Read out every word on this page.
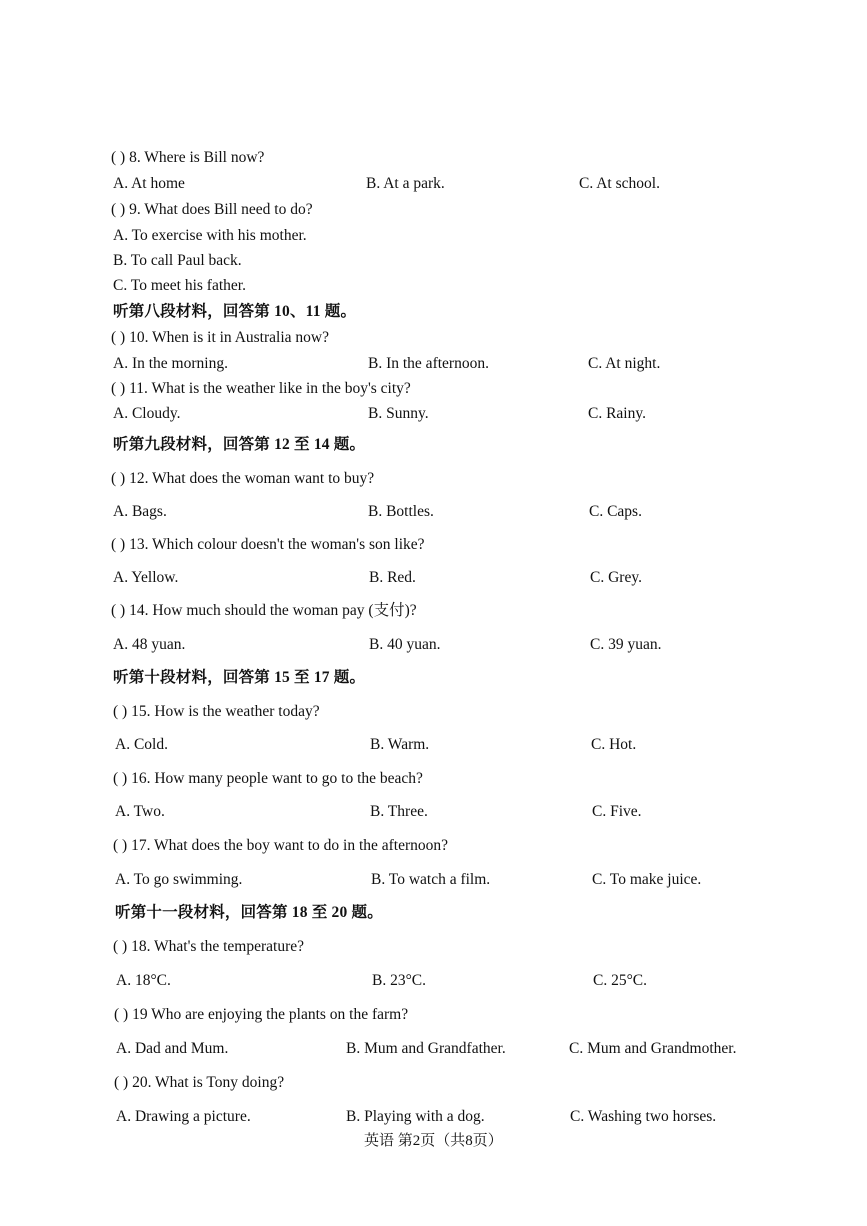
( ) 8. Where is Bill now?
A. At home	B. At a park.	C. At school.
( ) 9. What does Bill need to do?
A. To exercise with his mother.
B. To call Paul back.
C. To meet his father.
听第八段材料，回答第 10、11 题。
( ) 10. When is it in Australia now?
A. In the morning.	B. In the afternoon.	C. At night.
( ) 11. What is the weather like in the boy's city?
A. Cloudy.	B. Sunny.	C. Rainy.
听第九段材料，回答第 12 至 14 题。
( ) 12. What does the woman want to buy?
A. Bags.	B. Bottles.	C. Caps.
( ) 13. Which colour doesn't the woman's son like?
A. Yellow.	B. Red.	C. Grey.
( ) 14. How much should the woman pay (支付)?
A. 48 yuan.	B. 40 yuan.	C. 39 yuan.
听第十段材料，回答第 15 至 17 题。
( ) 15. How is the weather today?
A. Cold.	B. Warm.	C. Hot.
( ) 16. How many people want to go to the beach?
A. Two.	B. Three.	C. Five.
( ) 17. What does the boy want to do in the afternoon?
A. To go swimming.	B. To watch a film.	C. To make juice.
听第十一段材料，回答第 18 至 20 题。
( ) 18. What's the temperature?
A. 18°C.	B. 23°C.	C. 25°C.
( ) 19 Who are enjoying the plants on the farm?
A. Dad and Mum.	B. Mum and Grandfather.	C. Mum and Grandmother.
( ) 20. What is Tony doing?
A. Drawing a picture.	B. Playing with a dog.	C. Washing two horses.
英语 第2页（共8页）
